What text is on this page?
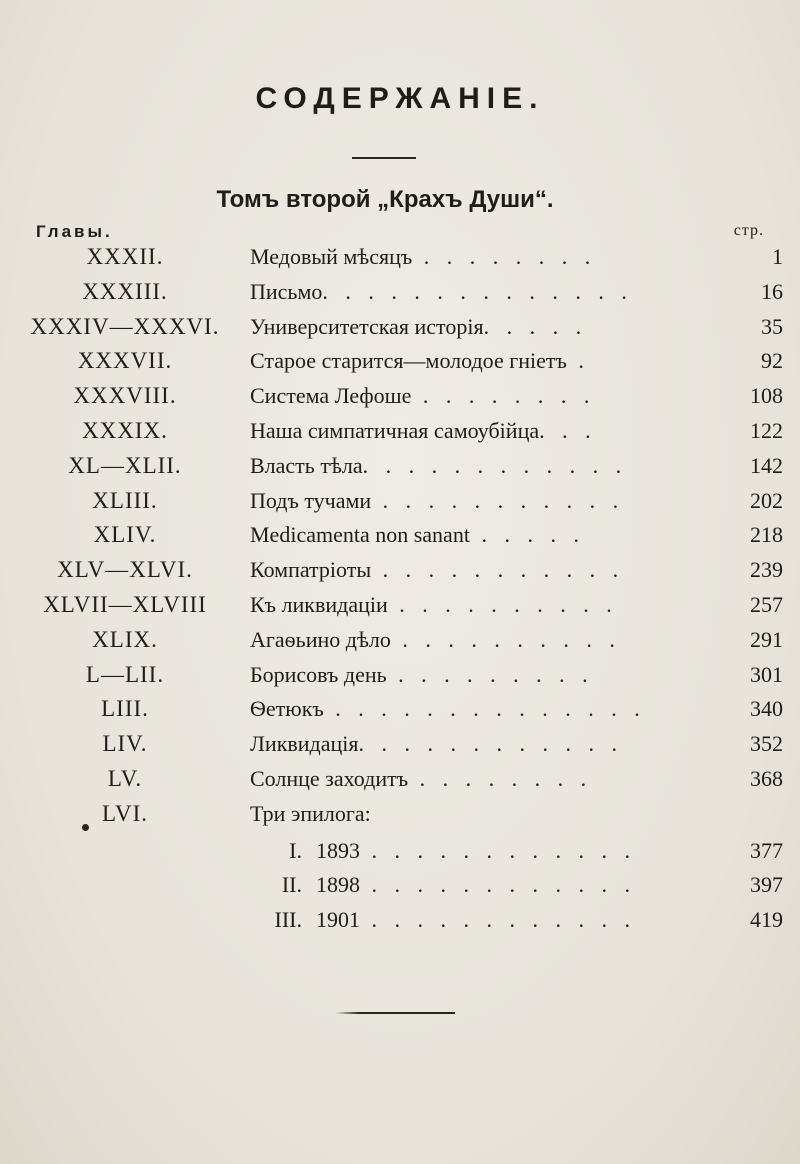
СОДЕРЖАНІЕ.
Томъ второй „Крахъ Души“.
Главы.	стр.
XXXII.	Медовый мѣсяцъ . . . . . . . .	1
XXXIII.	Письмо. . . . . . . . . . . . . .	16
XXXIV—XXXVI.	Университетская исторія. . . . .	35
XXXVII.	Старое старится—молодое гніетъ .	92
XXXVIII.	Система Лефоше . . . . . . . .	108
XXXIX.	Наша симпатичная самоубійца. . .	122
XL—XLII.	Власть тѣла. . . . . . . . . . . .	142
XLIII.	Подъ тучами . . . . . . . . . . .	202
XLIV.	Medicamenta non sanant . . . . .	218
XLV—XLVI.	Компатріоты . . . . . . . . . . .	239
XLVII—XLVIII	Къ ликвидаціи . . . . . . . . . .	257
XLIX.	Агаѳьино дѣло . . . . . . . . . .	291
L—LII.	Борисовъ день . . . . . . . . .	301
LIII.	Ѳетюкъ . . . . . . . . . . . . . .	340
LIV.	Ликвидація. . . . . . . . . . . .	352
LV.	Солнце заходитъ . . . . . . . .	368
LVI.	Три эпилога:
I. 1893 . . . . . . . . . . . .	377
II. 1898 . . . . . . . . . . . .	397
III. 1901 . . . . . . . . . . . .	419
